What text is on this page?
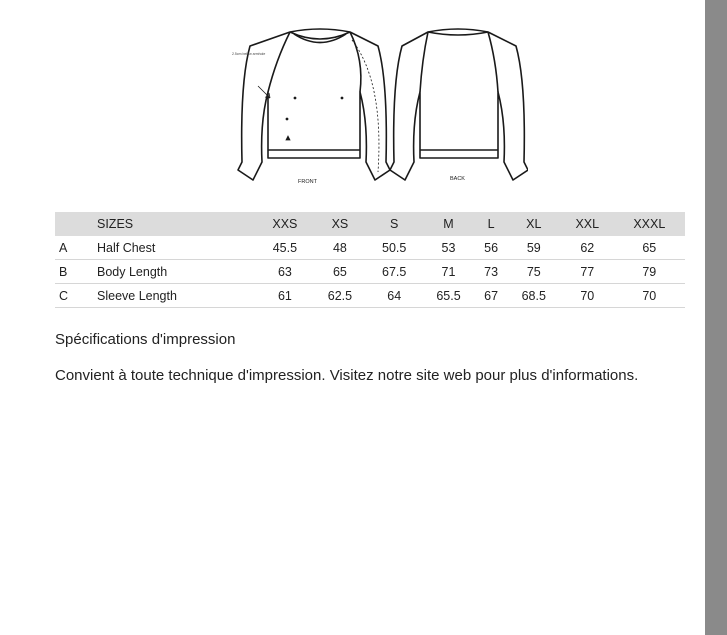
2.5cm below armhole
FRONT	BACK
	SIZES	XXS	XS	S	M	L	XL	XXL	XXXL
A	Half Chest	45.5	48	50.5	53	56	59	62	65
B	Body Length	63	65	67.5	71	73	75	77	79
C	Sleeve Length	61	62.5	64	65.5	67	68.5	70	70
Spécifications d'impression
Convient à toute technique d'impression. Visitez notre site web pour plus d'informations.
